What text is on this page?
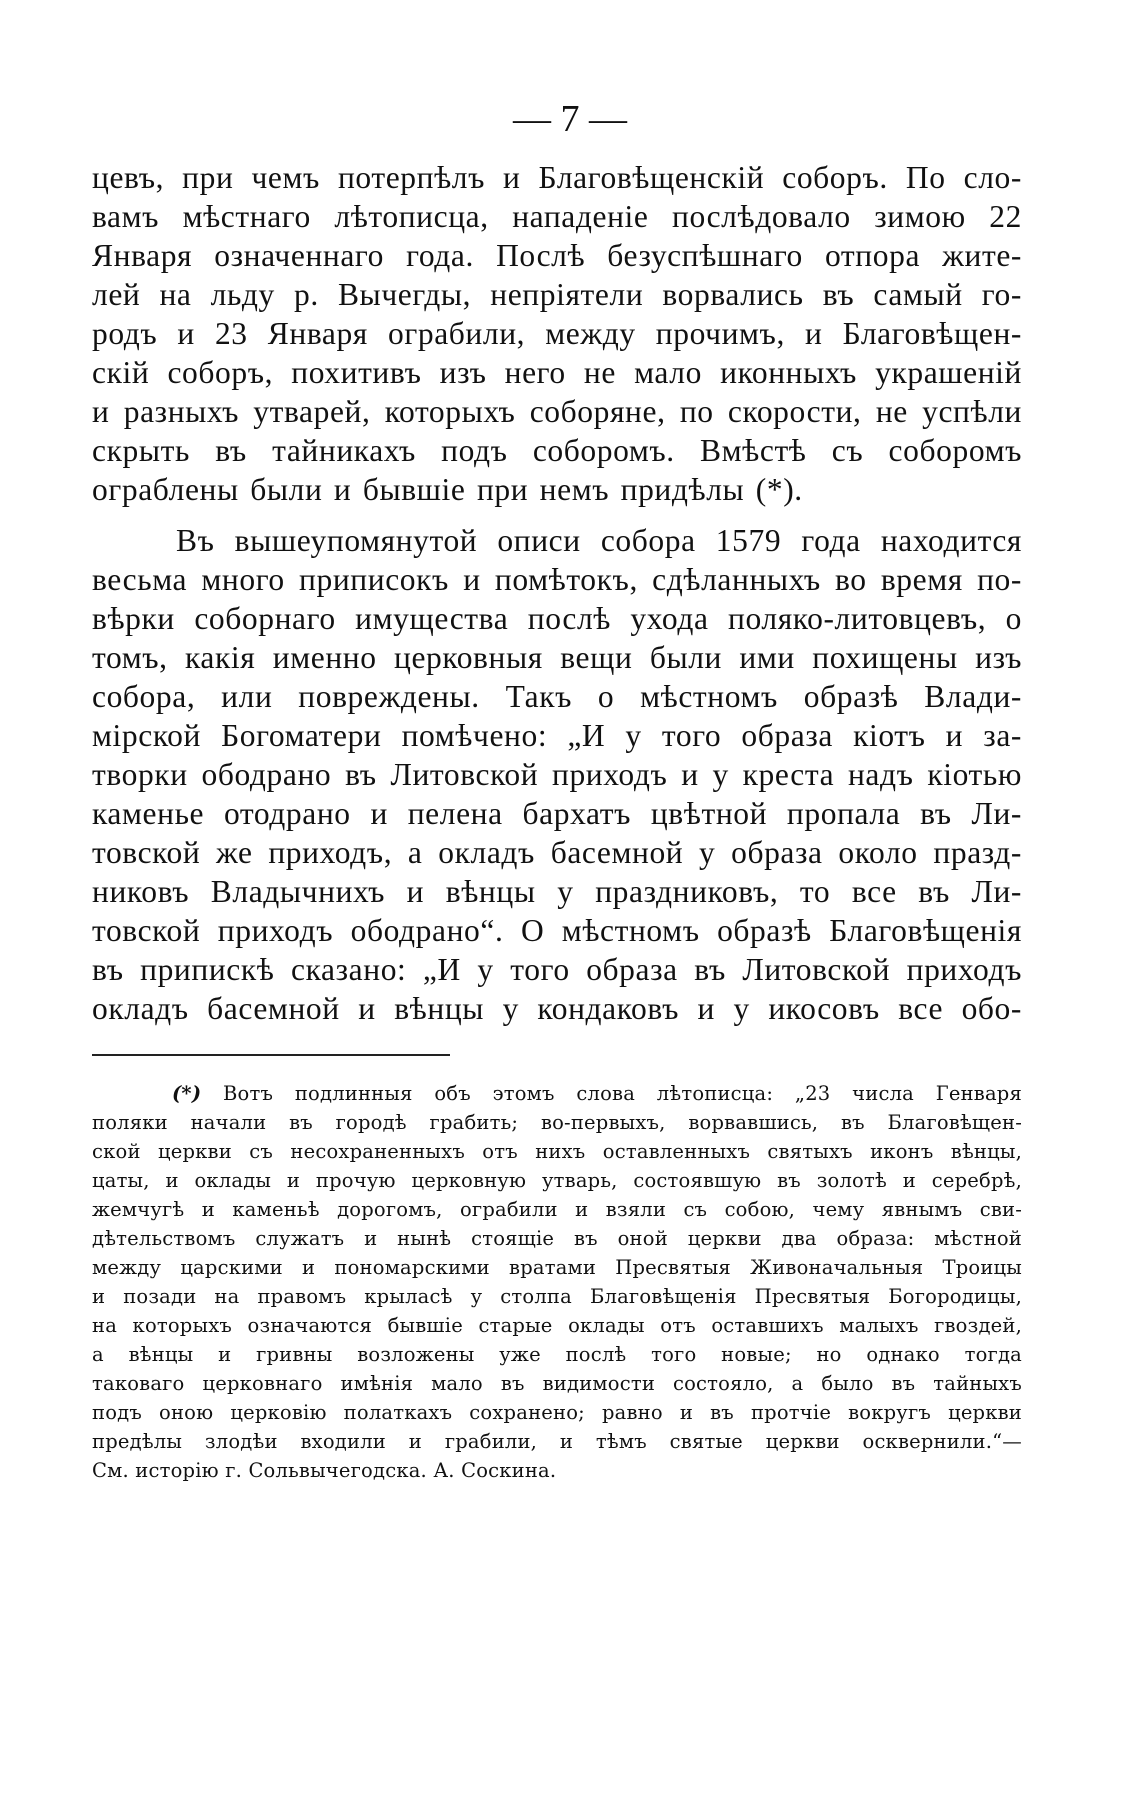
— 7 —
цевъ, при чемъ потерпѣлъ и Благовѣщенскій соборъ. По сло-
вамъ мѣстнаго лѣтописца, нападеніе послѣдовало зимою 22
Января означеннаго года. Послѣ безуспѣшнаго отпора жите-
лей на льду р. Вычегды, непріятели ворвались въ самый го-
родъ и 23 Января ограбили, между прочимъ, и Благовѣщен-
скій соборъ, похитивъ изъ него не мало иконныхъ украшеній
и разныхъ утварей, которыхъ соборяне, по скорости, не успѣли
скрыть въ тайникахъ подъ соборомъ. Вмѣстѣ съ соборомъ
ограблены были и бывшіе при немъ придѣлы (*).
Въ вышеупомянутой описи собора 1579 года находится
весьма много приписокъ и помѣтокъ, сдѣланныхъ во время по-
вѣрки соборнаго имущества послѣ ухода поляко-литовцевъ, о
томъ, какія именно церковныя вещи были ими похищены изъ
собора, или повреждены. Такъ о мѣстномъ образѣ Влади-
мірской Богоматери помѣчено: „И у того образа кіотъ и за-
творки ободрано въ Литовской приходъ и у креста надъ кіотью
каменье отодрано и пелена бархатъ цвѣтной пропала въ Ли-
товской же приходъ, а окладъ басемной у образа около празд-
никовъ Владычнихъ и вѣнцы у праздниковъ, то все въ Ли-
товской приходъ ободрано“. О мѣстномъ образѣ Благовѣщенія
въ припискѣ сказано: „И у того образа въ Литовской приходъ
окладъ басемной и вѣнцы у кондаковъ и у икосовъ все обо-
(*) Вотъ подлинныя объ этомъ слова лѣтописца: „23 числа Генваря
поляки начали въ городѣ грабить; во-первыхъ, ворвавшись, въ Благовѣщен-
ской церкви съ несохраненныхъ отъ нихъ оставленныхъ святыхъ иконъ вѣнцы,
цаты, и оклады и прочую церковную утварь, состоявшую въ золотѣ и серебрѣ,
жемчугѣ и каменьѣ дорогомъ, ограбили и взяли съ собою, чему явнымъ сви-
дѣтельствомъ служатъ и нынѣ стоящіе въ оной церкви два образа: мѣстной
между царскими и пономарскими вратами Пресвятыя Живоначальныя Троицы
и позади на правомъ крыласѣ у столпа Благовѣщенія Пресвятыя Богородицы,
на которыхъ означаются бывшіе старые оклады отъ оставшихъ малыхъ гвоздей,
а вѣнцы и гривны возложены уже послѣ того новые; но однако тогда
таковаго церковнаго имѣнія мало въ видимости состояло, а было въ тайныхъ
подъ оною церковію полаткахъ сохранено; равно и въ протчіе вокругъ церкви
предѣлы злодѣи входили и грабили, и тѣмъ святые церкви осквернили.“—
См. исторію г. Сольвычегодска. А. Соскина.
